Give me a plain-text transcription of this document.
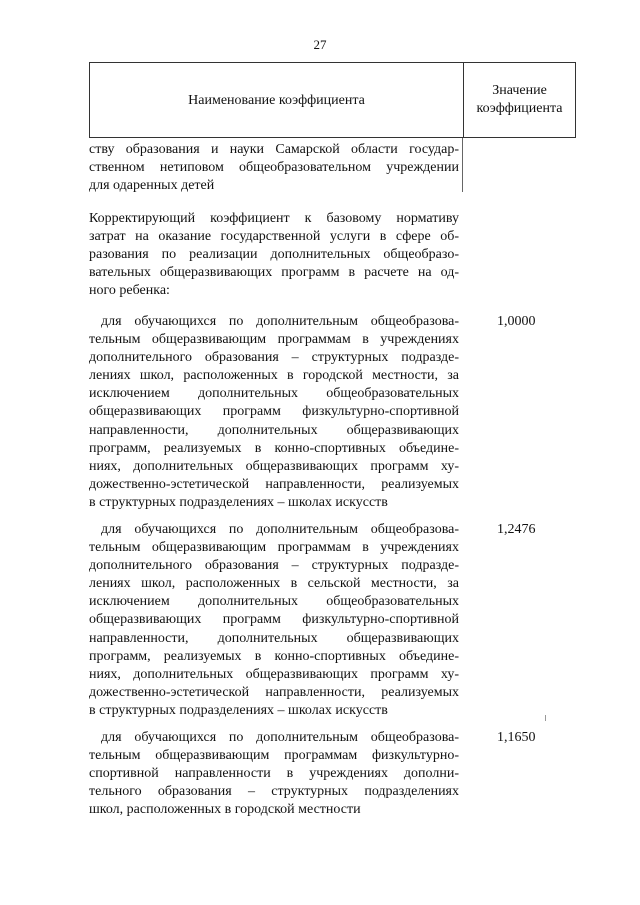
27
Наименование коэффициента
Значение
коэффициента
ству образования и науки Самарской области государ-
ственном нетиповом общеобразовательном учреждении
для одаренных детей
Корректирующий коэффициент к базовому нормативу
затрат на оказание государственной услуги в сфере об-
разования по реализации дополнительных общеобразо-
вательных общеразвивающих программ в расчете на од-
ного ребенка:
для обучающихся по дополнительным общеобразова-
тельным общеразвивающим программам в учреждениях
дополнительного образования – структурных подразде-
лениях школ, расположенных в городской местности, за
исключением дополнительных общеобразовательных
общеразвивающих программ физкультурно-спортивной
направленности, дополнительных общеразвивающих
программ, реализуемых в конно-спортивных объедине-
ниях, дополнительных общеразвивающих программ ху-
дожественно-эстетической направленности, реализуемых
в структурных подразделениях – школах искусств
1,0000
для обучающихся по дополнительным общеобразова-
тельным общеразвивающим программам в учреждениях
дополнительного образования – структурных подразде-
лениях школ, расположенных в сельской местности, за
исключением дополнительных общеобразовательных
общеразвивающих программ физкультурно-спортивной
направленности, дополнительных общеразвивающих
программ, реализуемых в конно-спортивных объедине-
ниях, дополнительных общеразвивающих программ ху-
дожественно-эстетической направленности, реализуемых
в структурных подразделениях – школах искусств
1,2476
для обучающихся по дополнительным общеобразова-
тельным общеразвивающим программам физкультурно-
спортивной направленности в учреждениях дополни-
тельного образования – структурных подразделениях
школ, расположенных в городской местности
1,1650
